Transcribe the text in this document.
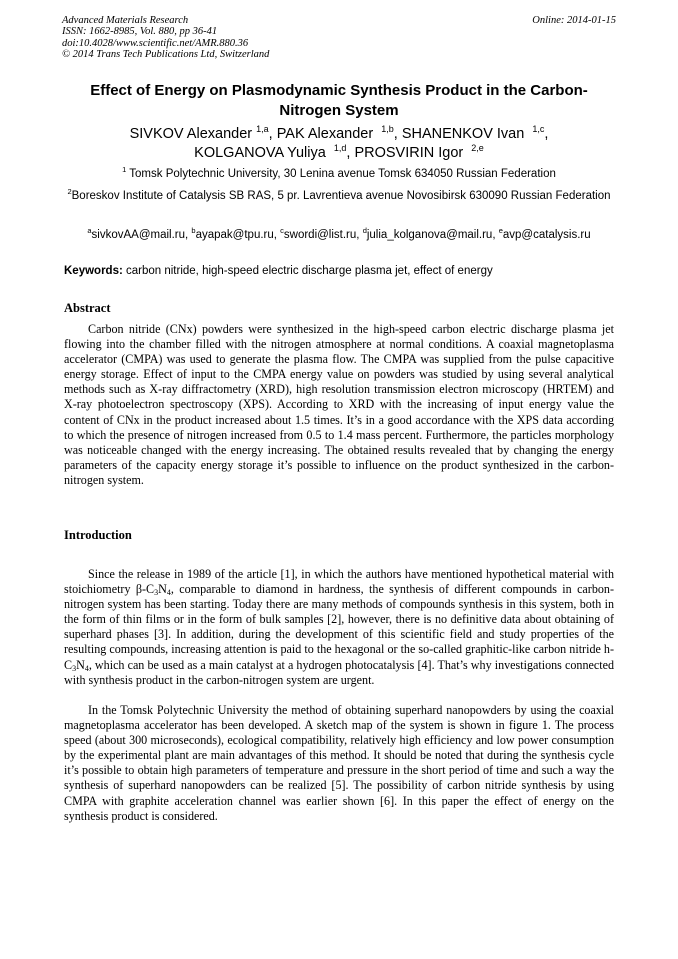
Advanced Materials Research
ISSN: 1662-8985, Vol. 880, pp 36-41
doi:10.4028/www.scientific.net/AMR.880.36
© 2014 Trans Tech Publications Ltd, Switzerland
Online: 2014-01-15
Effect of Energy on Plasmodynamic Synthesis Product in the Carbon-Nitrogen System
SIVKOV Alexander $^{1,a}$, PAK Alexander $^{1,b}$, SHANENKOV Ivan $^{1,c}$,
KOLGANOVA Yuliya $^{1,d}$, PROSVIRIN Igor $^{2,e}$
$^1$ Tomsk Polytechnic University, 30 Lenina avenue Tomsk 634050 Russian Federation
$^2$Boreskov Institute of Catalysis SB RAS, 5 pr. Lavrentieva avenue Novosibirsk 630090 Russian Federation
$^a$sivkovAA@mail.ru, $^b$ayapak@tpu.ru, $^c$swordi@list.ru, $^d$julia_kolganova@mail.ru, $^e$avp@catalysis.ru
Keywords: carbon nitride, high-speed electric discharge plasma jet, effect of energy
Abstract

Carbon nitride (CNx) powders were synthesized in the high-speed carbon electric discharge plasma jet flowing into the chamber filled with the nitrogen atmosphere at normal conditions. A coaxial magnetoplasma accelerator (CMPA) was used to generate the plasma flow. The CMPA was supplied from the pulse capacitive energy storage. Effect of input to the CMPA energy value on powders was studied by using several analytical methods such as X-ray diffractometry (XRD), high resolution transmission electron microscopy (HRTEM) and X-ray photoelectron spectroscopy (XPS). According to XRD with the increasing of input energy value the content of CNx in the product increased about 1.5 times. It’s in a good accordance with the XPS data according to which the presence of nitrogen increased from 0.5 to 1.4 mass percent. Furthermore, the particles morphology was noticeable changed with the energy increasing. The obtained results revealed that by changing the energy parameters of the capacity energy storage it’s possible to influence on the product synthesized in the carbon-nitrogen system.

Introduction

Since the release in 1989 of the article [1], in which the authors have mentioned hypothetical material with stoichiometry $\beta-C_3N_4$, comparable to diamond in hardness, the synthesis of different compounds in carbon-nitrogen system has been starting. Today there are many methods of compounds synthesis in this system, both in the form of thin films or in the form of bulk samples [2], however, there is no definitive data about obtaining of superhard phases [3]. In addition, during the development of this scientific field and study properties of the resulting compounds, increasing attention is paid to the hexagonal or the so-called graphitic-like carbon nitride $h-C_3N_4$, which can be used as a main catalyst at a hydrogen photocatalysis [4]. That’s why investigations connected with synthesis product in the carbon-nitrogen system are urgent.

In the Tomsk Polytechnic University the method of obtaining superhard nanopowders by using the coaxial magnetoplasma accelerator has been developed. A sketch map of the system is shown in figure 1. The process speed (about 300 microseconds), ecological compatibility, relatively high efficiency and low power consumption by the experimental plant are main advantages of this method. It should be noted that during the synthesis cycle it’s possible to obtain high parameters of temperature and pressure in the short period of time and such a way the synthesis of superhard nanopowders can be realized [5]. The possibility of carbon nitride synthesis by using CMPA with graphite acceleration channel was earlier shown [6]. In this paper the effect of energy on the synthesis product is considered.
